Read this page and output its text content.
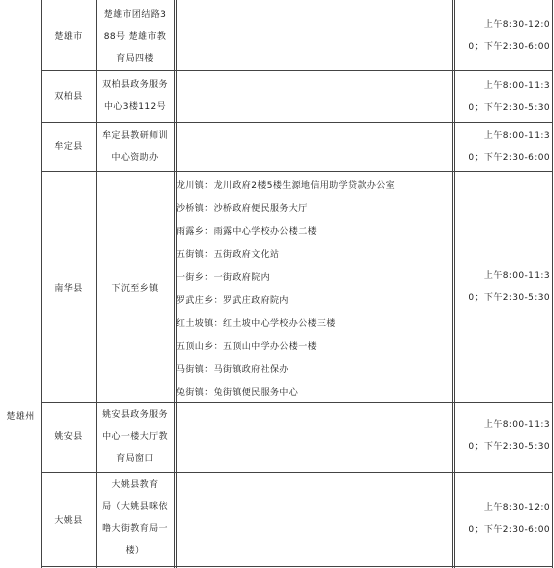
楚雄州
楚雄市
楚雄市团结路3
88号 楚雄市教
育局四楼
上午8:30-12:0
0；下午2:30-6:00
双柏县
双柏县政务服务
中心3楼112号
上午8:00-11:3
0；下午2:30-5:30
牟定县
牟定县教研师训
中心资助办
上午8:00-11:3
0；下午2:30-6:00
南华县	下沉至乡镇
龙川镇：龙川政府2楼5楼生源地信用助学贷款办公室
沙桥镇：沙桥政府便民服务大厅
雨露乡：雨露中心学校办公楼二楼
五街镇：五街政府文化站
一街乡：一街政府院内
罗武庄乡：罗武庄政府院内
红土坡镇：红土坡中心学校办公楼三楼
五顶山乡：五顶山中学办公楼一楼
马街镇：马街镇政府社保办
兔街镇：兔街镇便民服务中心
上午8:00-11:3
0；下午2:30-5:30
姚安县
姚安县政务服务
中心一楼大厅教
育局窗口
上午8:00-11:3
0；下午2:30-5:30
大姚县
大姚县教育
局（大姚县咪依
噜大街教育局一
楼）
上午8:30-12:0
0；下午2:30-6:00
